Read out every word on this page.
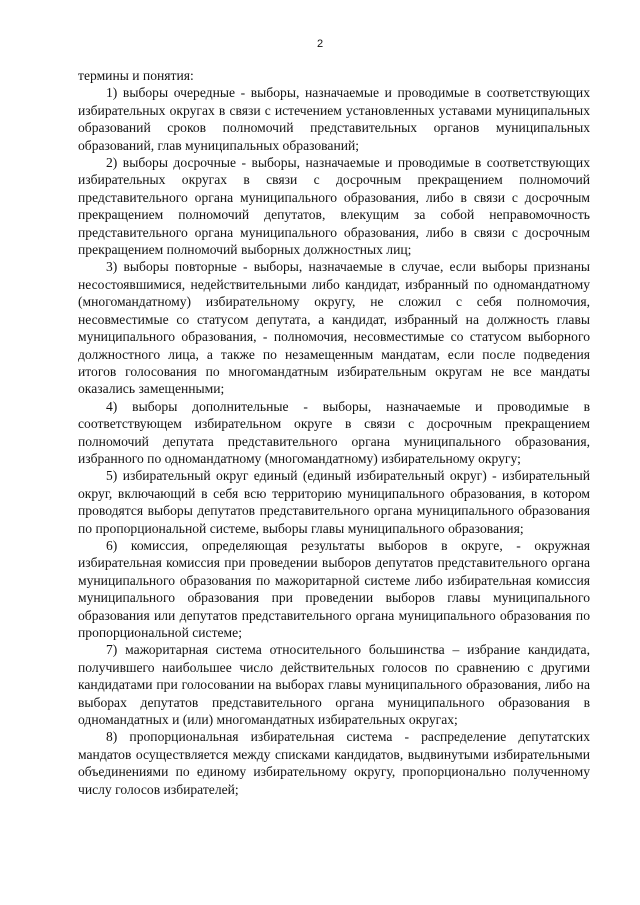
2

термины и понятия:

1) выборы очередные - выборы, назначаемые и проводимые в соответствующих избирательных округах в связи с истечением установленных уставами муниципальных образований сроков полномочий представительных органов муниципальных образований, глав муниципальных образований;

2) выборы досрочные - выборы, назначаемые и проводимые в соответствующих избирательных округах в связи с досрочным прекращением полномочий представительного органа муниципального образования, либо в связи с досрочным прекращением полномочий депутатов, влекущим за собой неправомочность представительного органа муниципального образования, либо в связи с досрочным прекращением полномочий выборных должностных лиц;

3) выборы повторные - выборы, назначаемые в случае, если выборы признаны несостоявшимися, недействительными либо кандидат, избранный по одномандатному (многомандатному) избирательному округу, не сложил с себя полномочия, несовместимые со статусом депутата, а кандидат, избранный на должность главы муниципального образования, - полномочия, несовместимые со статусом выборного должностного лица, а также по незамещенным мандатам, если после подведения итогов голосования по многомандатным избирательным округам не все мандаты оказались замещенными;

4) выборы дополнительные - выборы, назначаемые и проводимые в соответствующем избирательном округе в связи с досрочным прекращением полномочий депутата представительного органа муниципального образования, избранного по одномандатному (многомандатному) избирательному округу;

5) избирательный округ единый (единый избирательный округ) - избирательный округ, включающий в себя всю территорию муниципального образования, в котором проводятся выборы депутатов представительного органа муниципального образования по пропорциональной системе, выборы главы муниципального образования;

6) комиссия, определяющая результаты выборов в округе, - окружная избирательная комиссия при проведении выборов депутатов представительного органа муниципального образования по мажоритарной системе либо избирательная комиссия муниципального образования при проведении выборов главы муниципального образования или депутатов представительного органа муниципального образования по пропорциональной системе;

7) мажоритарная система относительного большинства – избрание кандидата, получившего наибольшее число действительных голосов по сравнению с другими кандидатами при голосовании на выборах главы муниципального образования, либо на выборах депутатов представительного органа муниципального образования в одномандатных и (или) многомандатных избирательных округах;

8) пропорциональная избирательная система - распределение депутатских мандатов осуществляется между списками кандидатов, выдвинутыми избирательными объединениями по единому избирательному округу, пропорционально полученному числу голосов избирателей;
